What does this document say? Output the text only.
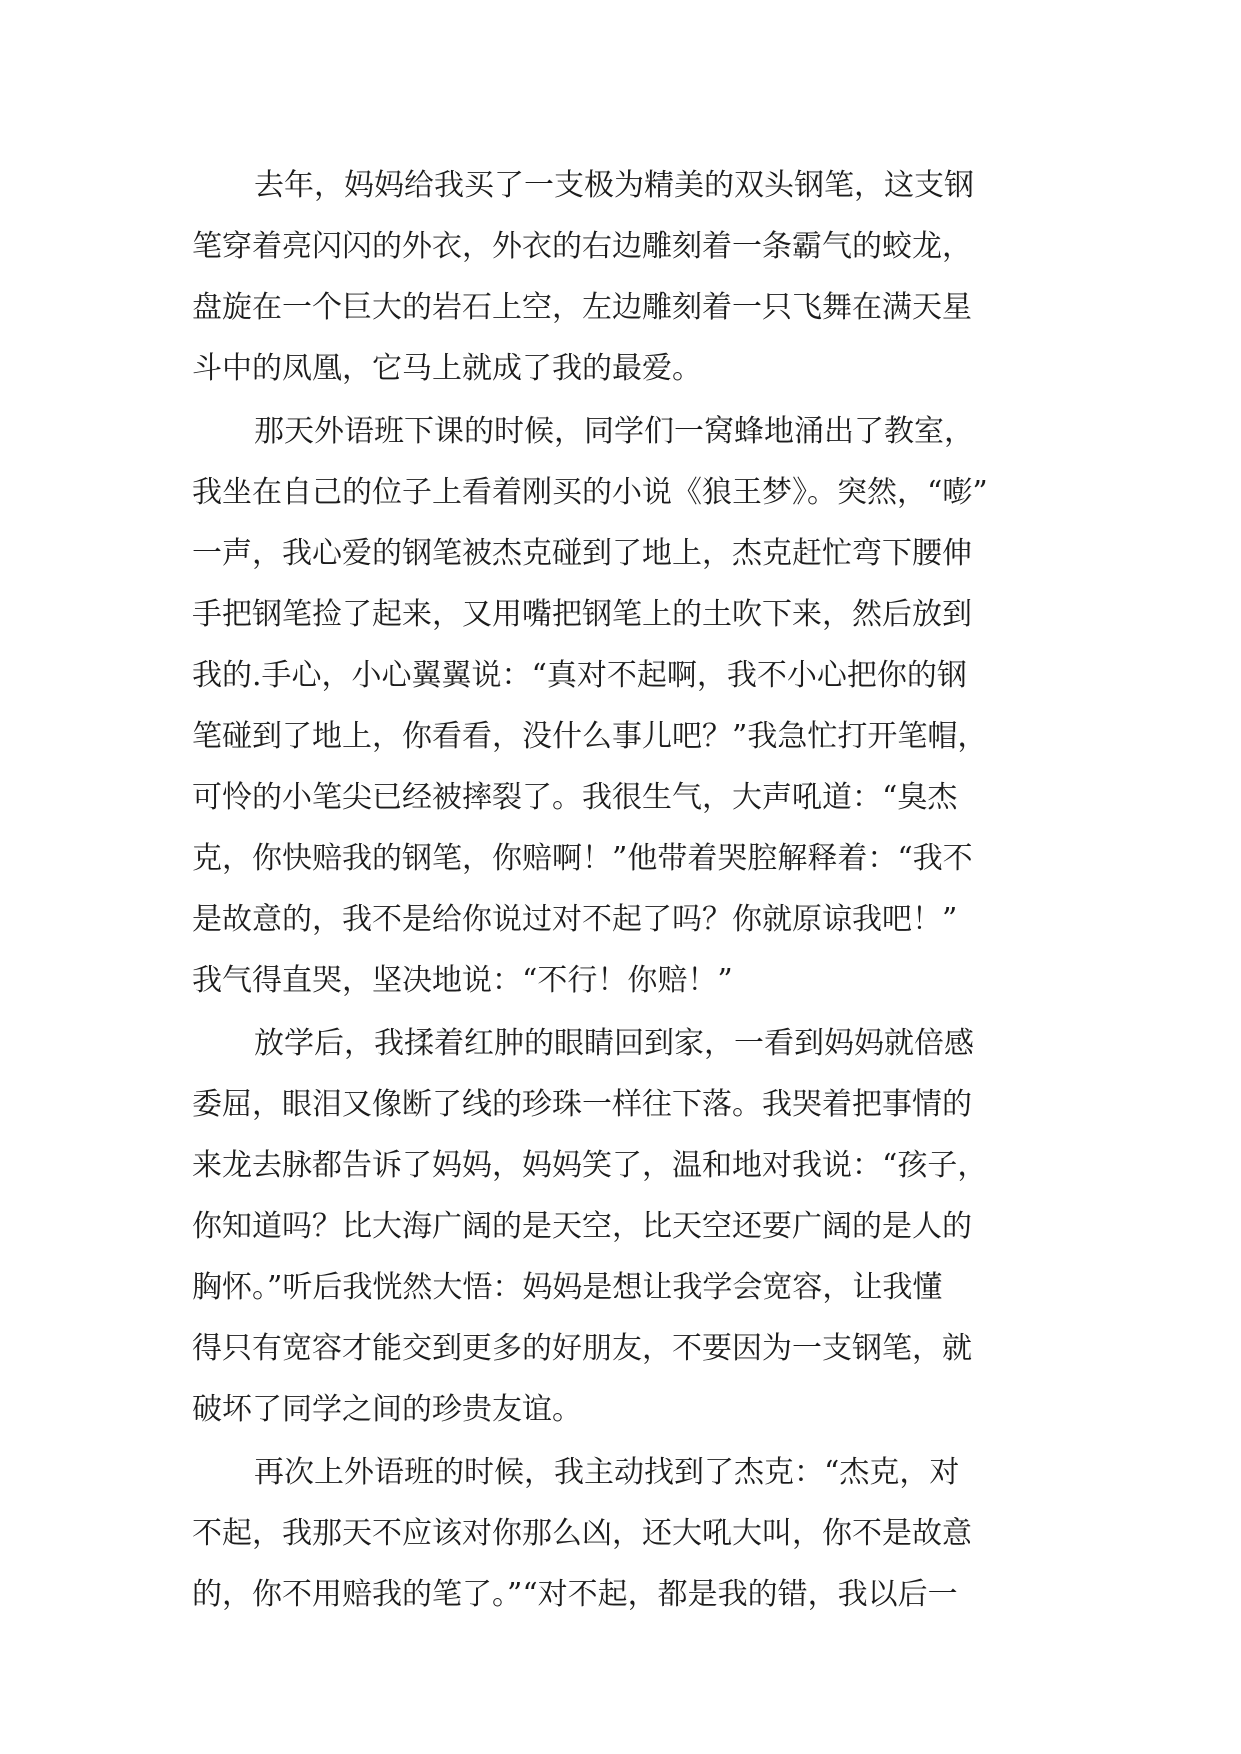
去年，妈妈给我买了一支极为精美的双头钢笔，这支钢
笔穿着亮闪闪的外衣，外衣的右边雕刻着一条霸气的蛟龙，
盘旋在一个巨大的岩石上空，左边雕刻着一只飞舞在满天星
斗中的凤凰，它马上就成了我的最爱。
那天外语班下课的时候，同学们一窝蜂地涌出了教室，
我坐在自己的位子上看着刚买的小说《狼王梦》。突然，“嘭”
一声，我心爱的钢笔被杰克碰到了地上，杰克赶忙弯下腰伸
手把钢笔捡了起来，又用嘴把钢笔上的土吹下来，然后放到
我的.手心，小心翼翼说：“真对不起啊，我不小心把你的钢
笔碰到了地上，你看看，没什么事儿吧？”我急忙打开笔帽，
可怜的小笔尖已经被摔裂了。我很生气，大声吼道：“臭杰
克，你快赔我的钢笔，你赔啊！”他带着哭腔解释着：“我不
是故意的，我不是给你说过对不起了吗？你就原谅我吧！”
我气得直哭，坚决地说：“不行！你赔！”
放学后，我揉着红肿的眼睛回到家，一看到妈妈就倍感
委屈，眼泪又像断了线的珍珠一样往下落。我哭着把事情的
来龙去脉都告诉了妈妈，妈妈笑了，温和地对我说：“孩子，
你知道吗？比大海广阔的是天空，比天空还要广阔的是人的
胸怀。”听后我恍然大悟：妈妈是想让我学会宽容，让我懂
得只有宽容才能交到更多的好朋友，不要因为一支钢笔，就
破坏了同学之间的珍贵友谊。
再次上外语班的时候，我主动找到了杰克：“杰克，对
不起，我那天不应该对你那么凶，还大吼大叫，你不是故意
的，你不用赔我的笔了。”“对不起，都是我的错，我以后一
